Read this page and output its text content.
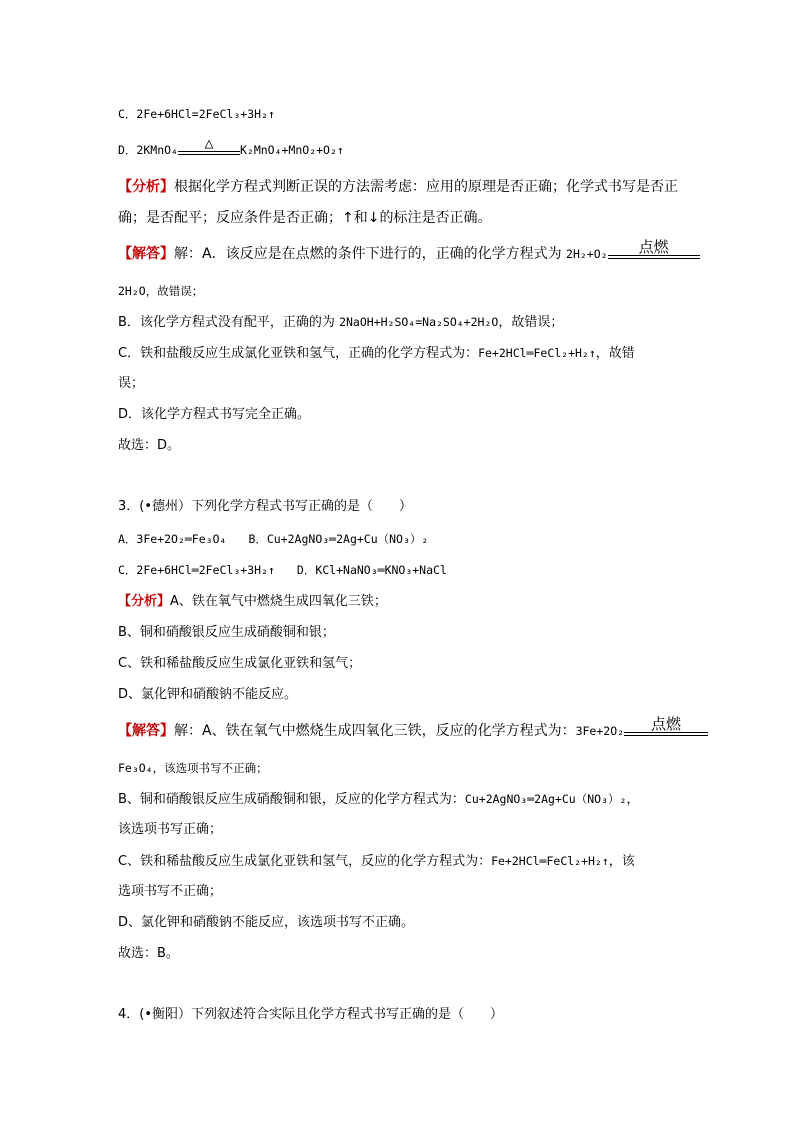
C．2Fe+6HCl=2FeCl₃+3H₂↑
D．2KMnO₄	△	K₂MnO₄+MnO₂+O₂↑
【分析】根据化学方程式判断正误的方法需考虑：应用的原理是否正确；化学式书写是否正
确；是否配平；反应条件是否正确；↑和↓的标注是否正确。
【解答】解：A．该反应是在点燃的条件下进行的，正确的化学方程式为 2H₂+O₂	点燃
2H₂O，故错误；
B．该化学方程式没有配平，正确的为 2NaOH+H₂SO₄=Na₂SO₄+2H₂O，故错误；
C．铁和盐酸反应生成氯化亚铁和氢气，正确的化学方程式为：Fe+2HCl═FeCl₂+H₂↑，故错
误；
D．该化学方程式书写完全正确。
故选：D。
3．(•德州）下列化学方程式书写正确的是（　　）
A．3Fe+2O₂═Fe₃O₄ B．Cu+2AgNO₃═2Ag+Cu（NO₃）₂
C．2Fe+6HCl═2FeCl₃+3H₂↑ D．KCl+NaNO₃═KNO₃+NaCl
【分析】A、铁在氧气中燃烧生成四氧化三铁；
B、铜和硝酸银反应生成硝酸铜和银；
C、铁和稀盐酸反应生成氯化亚铁和氢气；
D、氯化钾和硝酸钠不能反应。
【解答】解：A、铁在氧气中燃烧生成四氧化三铁，反应的化学方程式为：3Fe+2O₂	点燃
Fe₃O₄，该选项书写不正确；
B、铜和硝酸银反应生成硝酸铜和银，反应的化学方程式为：Cu+2AgNO₃═2Ag+Cu（NO₃）₂，
该选项书写正确；
C、铁和稀盐酸反应生成氯化亚铁和氢气，反应的化学方程式为：Fe+2HCl═FeCl₂+H₂↑，该
选项书写不正确；
D、氯化钾和硝酸钠不能反应，该选项书写不正确。
故选：B。
4．(•衡阳）下列叙述符合实际且化学方程式书写正确的是（　　）
